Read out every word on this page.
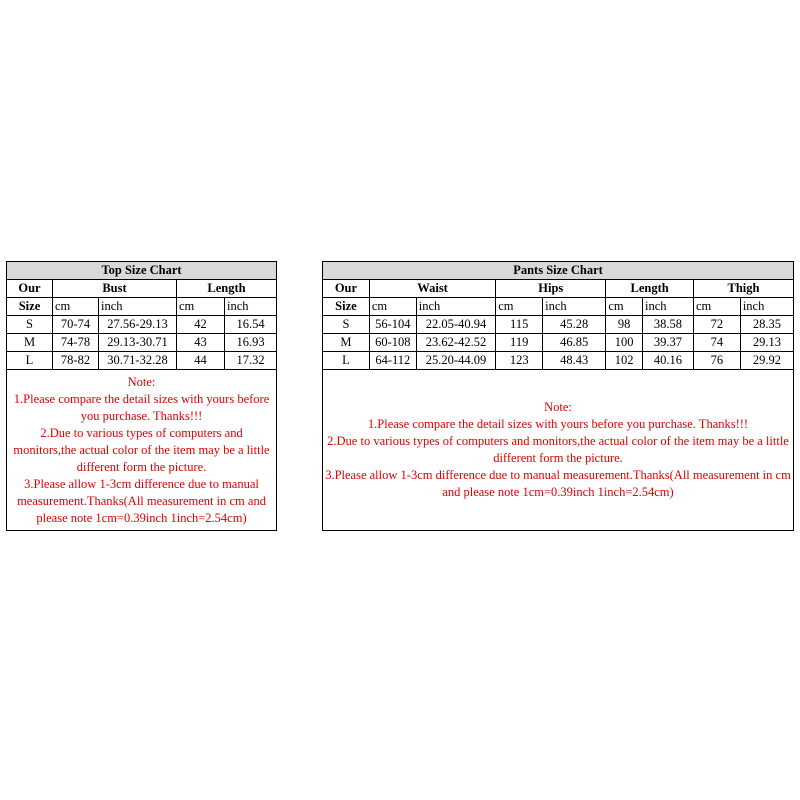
Top Size Chart				
Our	Bust		Length	
Size	cm	inch	cm	inch
S	70-74	27.56-29.13	42	16.54
M	74-78	29.13-30.71	43	16.93
L	78-82	30.71-32.28	44	17.32

Note:
1.Please compare the detail sizes with yours before you purchase. Thanks!!!
2.Due to various types of computers and monitors,the actual color of the item may be a little different form the picture.
3.Please allow 1-3cm difference due to manual measurement.Thanks(All measurement in cm and please note 1cm=0.39inch 1inch=2.54cm)				
Pants Size Chart								
Our	Waist		Hips		Length		Thigh	
Size	cm	inch	cm	inch	cm	inch	cm	inch
S	56-104	22.05-40.94	115	45.28	98	38.58	72	28.35
M	60-108	23.62-42.52	119	46.85	100	39.37	74	29.13
L	64-112	25.20-44.09	123	48.43	102	40.16	76	29.92

Note:
1.Please compare the detail sizes with yours before you purchase. Thanks!!!
2.Due to various types of computers and monitors,the actual color of the item may be a little different form the picture.
3.Please allow 1-3cm difference due to manual measurement.Thanks(All measurement in cm and please note 1cm=0.39inch 1inch=2.54cm)								
